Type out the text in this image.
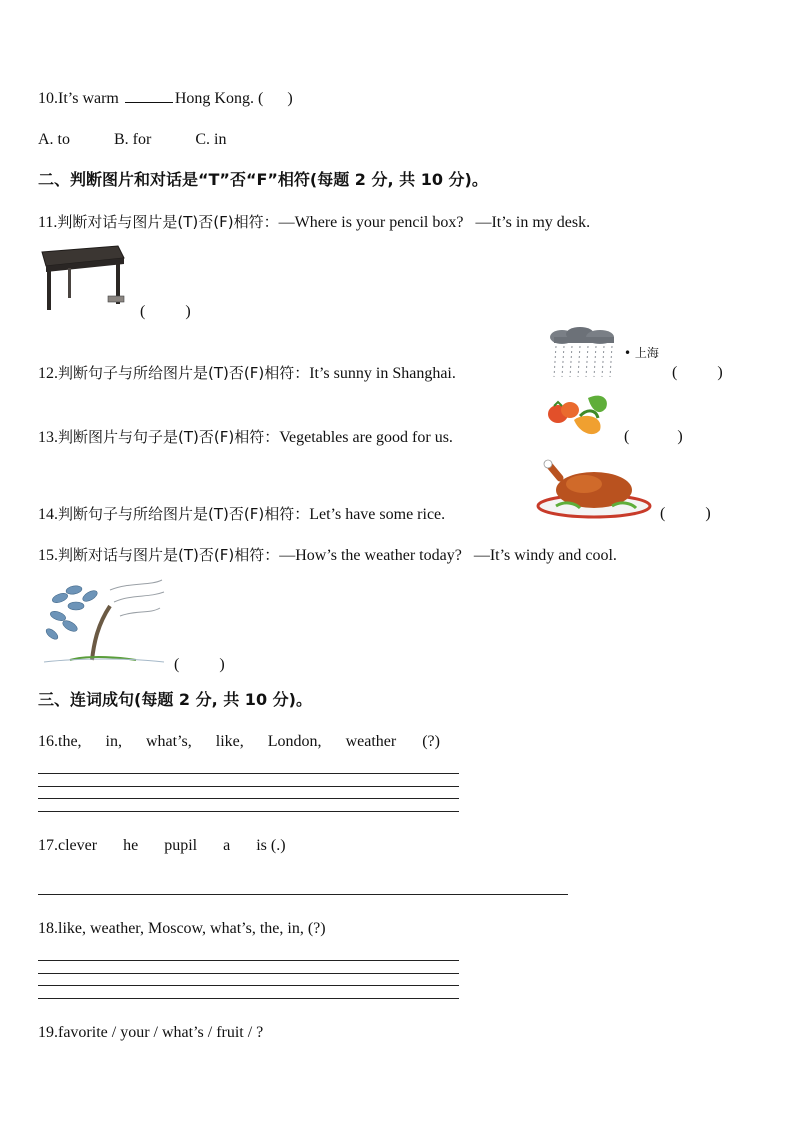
10.It’s warm	Hong Kong. (      )
A. to	B. for	C. in
二、判断图片和对话是“T”否“F”相符(每题 2 分, 共 10 分)。
11.判断对话与图片是(T)否(F)相符：—Where is your pencil box?   —It’s in my desk.
(          )
12.判断句子与所给图片是(T)否(F)相符：It’s sunny in Shanghai.
• 上海
(          )
13.判断图片与句子是(T)否(F)相符：Vegetables are good for us.	(            )
14.判断句子与所给图片是(T)否(F)相符：Let’s have some rice.	(          )
15.判断对话与图片是(T)否(F)相符：—How’s the weather today?   —It’s windy and cool.
(          )
三、连词成句(每题 2 分, 共 10 分)。
16.the, in, what’s, like, London, weather (?)
17.clever he pupil a is (.)
18.like, weather, Moscow, what’s, the, in, (?)
19.favorite / your / what’s / fruit / ?
